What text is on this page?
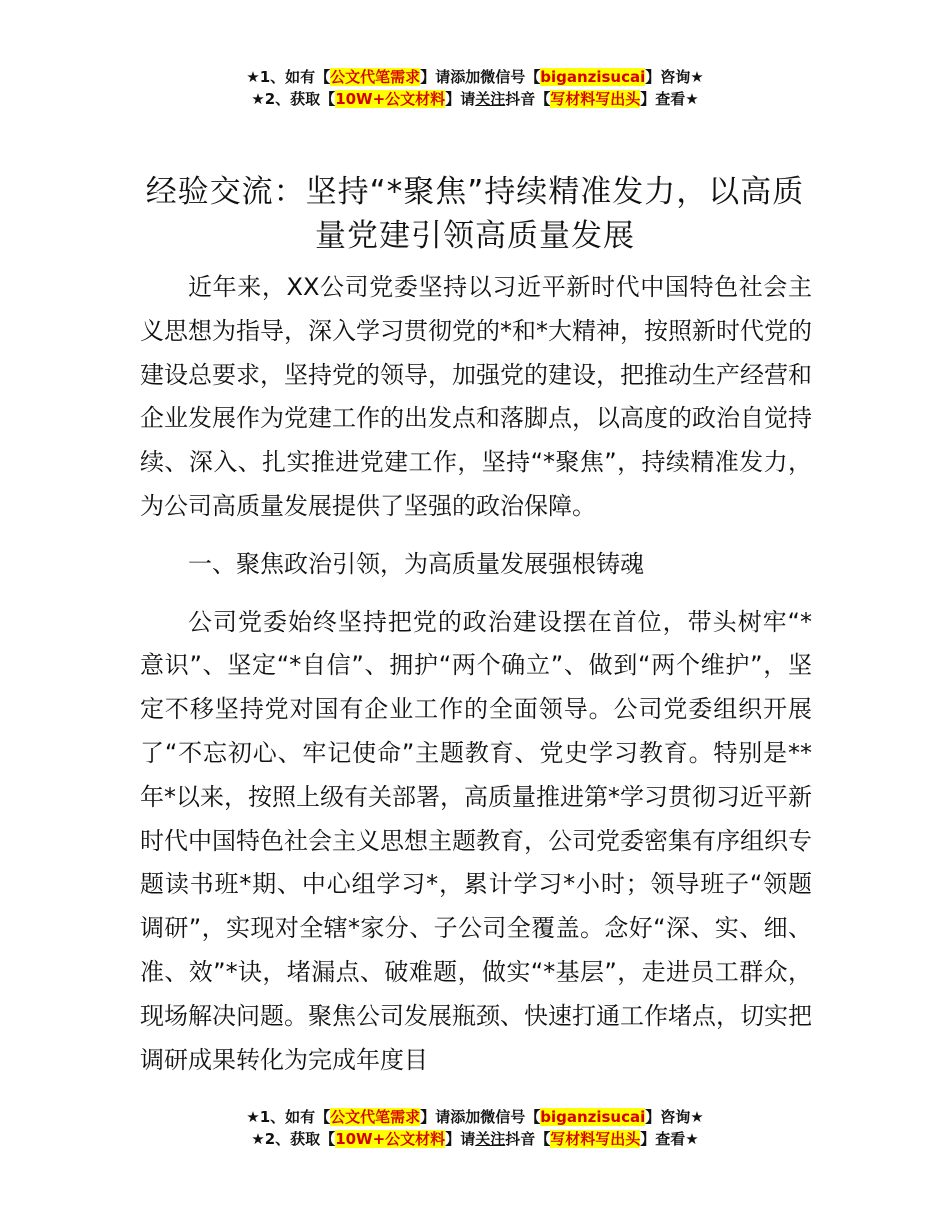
★1、如有【公文代笔需求】请添加微信号【biganzisucai】咨询★
★2、获取【10W+公文材料】请关注抖音【写材料写出头】查看★
经验交流：坚持“*聚焦”持续精准发力，以高质量党建引领高质量发展

近年来，XX公司党委坚持以习近平新时代中国特色社会主义思想为指导，深入学习贯彻党的*和*大精神，按照新时代党的建设总要求，坚持党的领导，加强党的建设，把推动生产经营和企业发展作为党建工作的出发点和落脚点，以高度的政治自觉持续、深入、扎实推进党建工作，坚持“*聚焦”，持续精准发力，为公司高质量发展提供了坚强的政治保障。

一、聚焦政治引领，为高质量发展强根铸魂

公司党委始终坚持把党的政治建设摆在首位，带头树牢“*意识”、坚定“*自信”、拥护“两个确立”、做到“两个维护”，坚定不移坚持党对国有企业工作的全面领导。公司党委组织开展了“不忘初心、牢记使命”主题教育、党史学习教育。特别是**年*以来，按照上级有关部署，高质量推进第*学习贯彻习近平新时代中国特色社会主义思想主题教育，公司党委密集有序组织专题读书班*期、中心组学习*，累计学习*小时；领导班子“领题调研”，实现对全辖*家分、子公司全覆盖。念好“深、实、细、准、效”*诀，堵漏点、破难题，做实“*基层”，走进员工群众，现场解决问题。聚焦公司发展瓶颈、快速打通工作堵点，切实把调研成果转化为完成年度目

★1、如有【公文代笔需求】请添加微信号【biganzisucai】咨询★
★2、获取【10W+公文材料】请关注抖音【写材料写出头】查看★
